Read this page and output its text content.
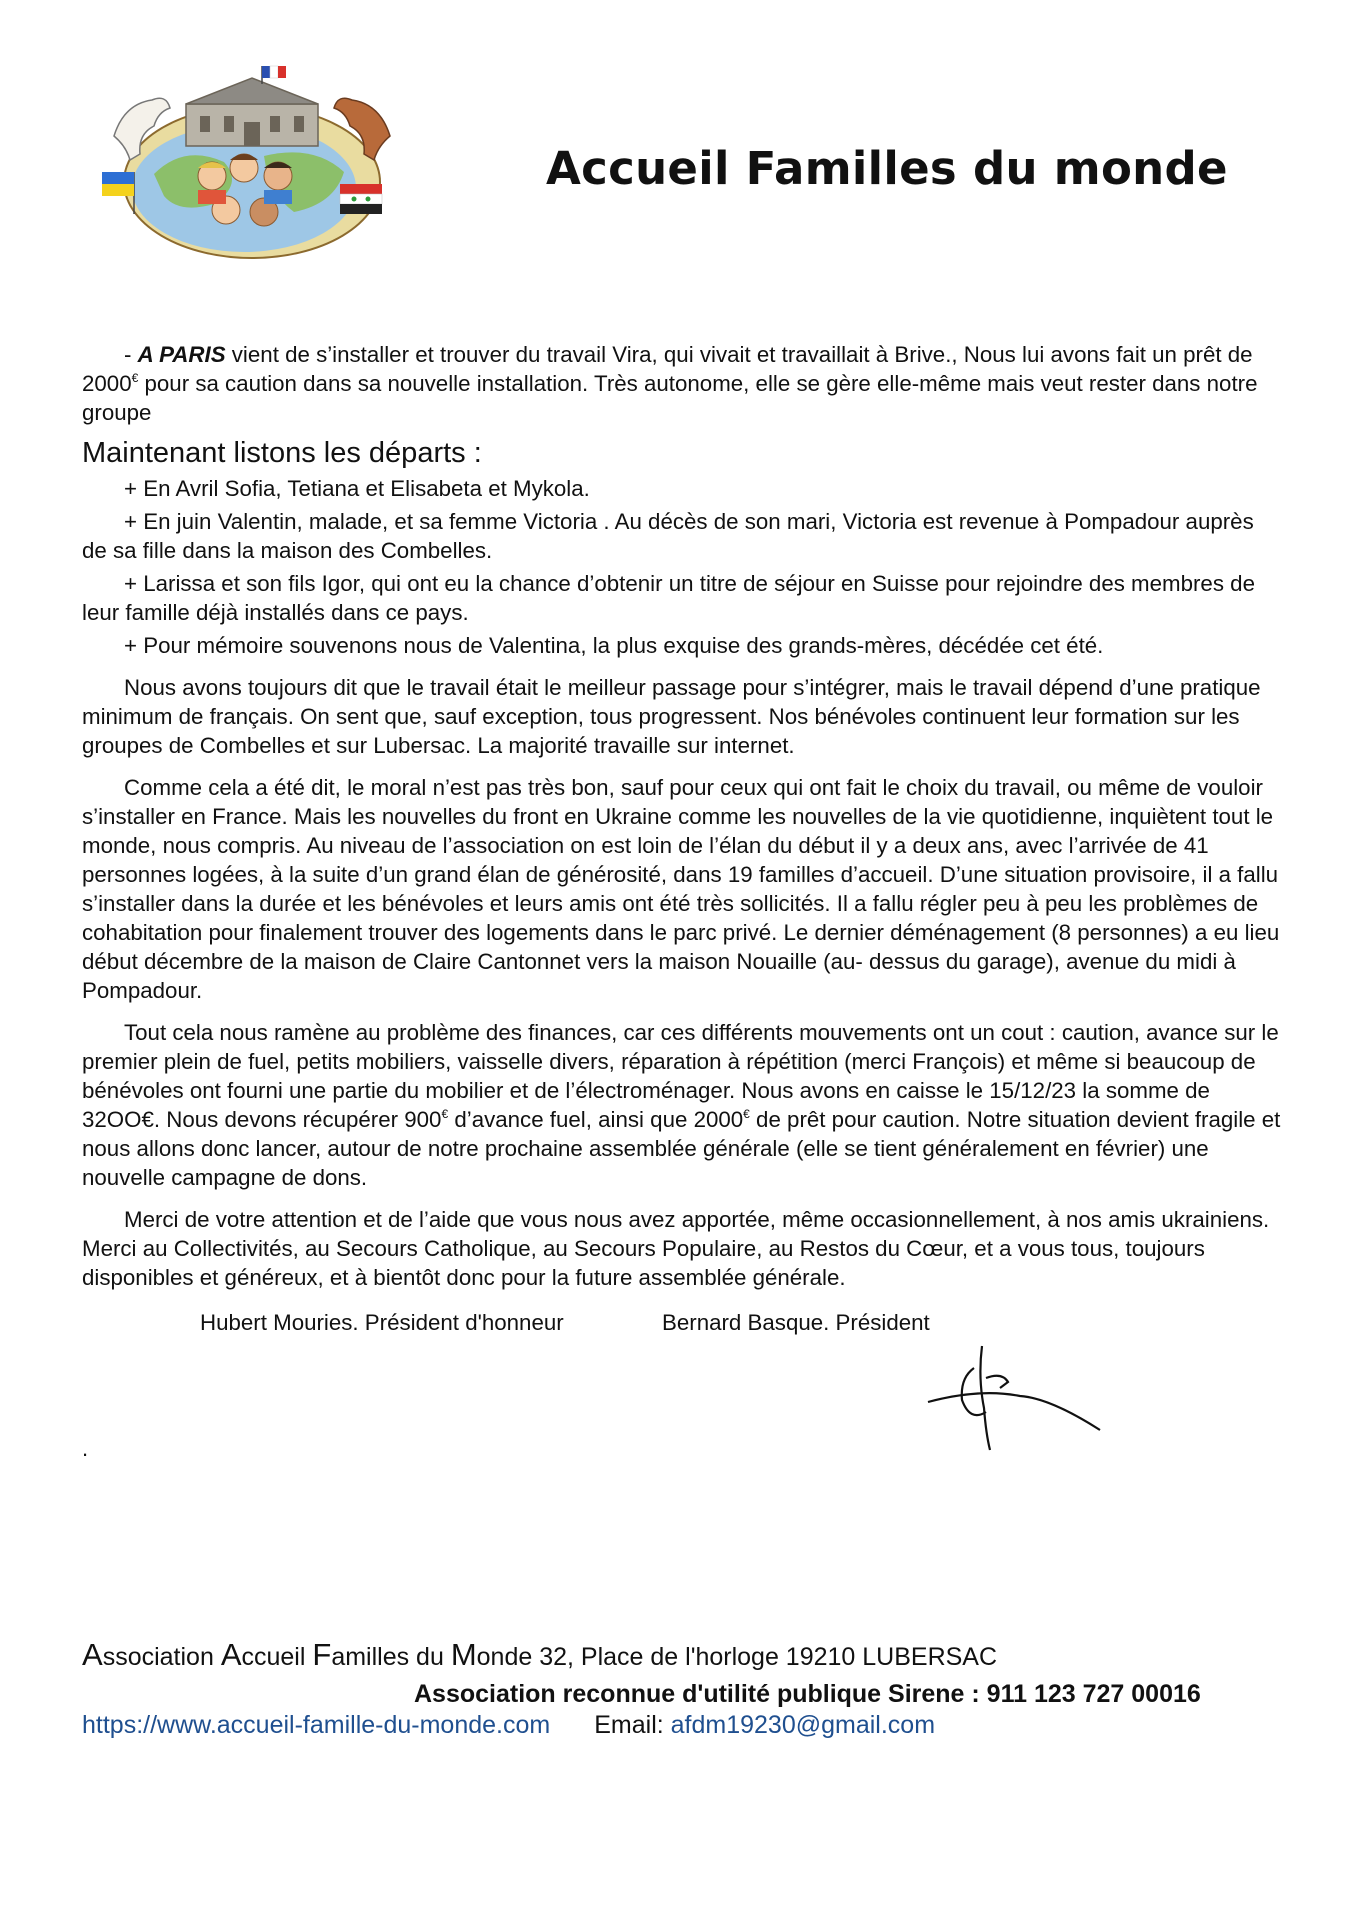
Accueil Familles du monde

- A PARIS vient de s’installer et trouver du travail Vira, qui vivait et travaillait à Brive., Nous lui avons fait un prêt de 2000€ pour sa caution dans sa nouvelle installation. Très autonome, elle se gère elle-même mais veut rester dans notre groupe

Maintenant listons les départs :

+ En Avril Sofia, Tetiana et Elisabeta et Mykola.

+ En juin Valentin, malade, et sa femme Victoria . Au décès de son mari, Victoria est revenue à Pompadour auprès de sa fille dans la maison des Combelles.

+ Larissa et son fils Igor, qui ont eu la chance d’obtenir un titre de séjour en Suisse pour rejoindre des membres de leur famille déjà installés dans ce pays.

+ Pour mémoire souvenons nous de Valentina, la plus exquise des grands-mères, décédée cet été.

Nous avons toujours dit que le travail était le meilleur passage pour s’intégrer, mais le travail dépend d’une pratique minimum de français. On sent que, sauf exception, tous progressent. Nos bénévoles continuent leur formation sur les groupes de Combelles et sur Lubersac. La majorité travaille sur internet.

Comme cela a été dit, le moral n’est pas très bon, sauf pour ceux qui ont fait le choix du travail, ou même de vouloir s’installer en France. Mais les nouvelles du front en Ukraine comme les nouvelles de la vie quotidienne, inquiètent tout le monde, nous compris. Au niveau de l’association on est loin de l’élan du début il y a deux ans, avec l’arrivée de 41 personnes logées, à la suite d’un grand élan de générosité, dans 19 familles d’accueil. D’une situation provisoire, il a fallu s’installer dans la durée et les bénévoles et leurs amis ont été très sollicités. Il a fallu régler peu à peu les problèmes de cohabitation pour finalement trouver des logements dans le parc privé. Le dernier déménagement (8 personnes) a eu lieu début décembre de la maison de Claire Cantonnet vers la maison Nouaille (au- dessus du garage), avenue du midi à Pompadour.

Tout cela nous ramène au problème des finances, car ces différents mouvements ont un cout : caution, avance sur le premier plein de fuel, petits mobiliers, vaisselle divers, réparation à répétition (merci François) et même si beaucoup de bénévoles ont fourni une partie du mobilier et de l’électroménager. Nous avons en caisse le 15/12/23 la somme de 32OO€. Nous devons récupérer 900€ d’avance fuel, ainsi que 2000€ de prêt pour caution. Notre situation devient fragile et nous allons donc lancer, autour de notre prochaine assemblée générale (elle se tient généralement en février) une nouvelle campagne de dons.

Merci de votre attention et de l’aide que vous nous avez apportée, même occasionnellement, à nos amis ukrainiens. Merci au Collectivités, au Secours Catholique, au Secours Populaire, au Restos du Cœur, et a vous tous, toujours disponibles et généreux, et à bientôt donc pour la future assemblée générale.

Hubert Mouries. Président d'honneur	Bernard Basque. Président
.
Association Accueil Familles du Monde 32, Place de l'horloge 19210 LUBERSAC
Association reconnue d'utilité publique Sirene : 911 123 727 00016
https://www.accueil-famille-du-monde.com Email: afdm19230@gmail.com
